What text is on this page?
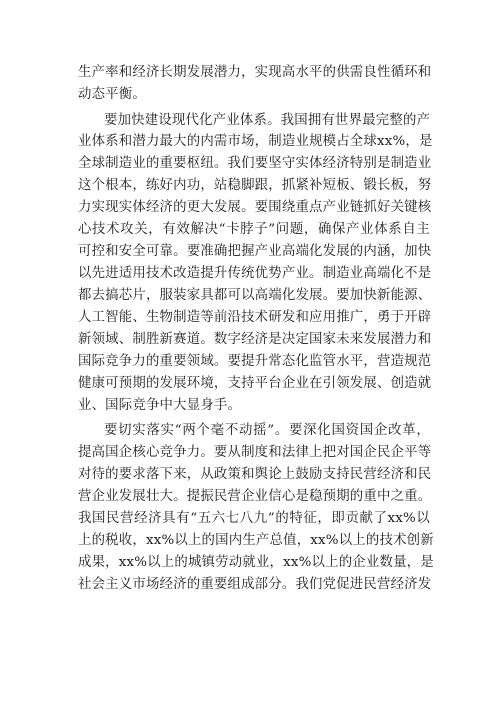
生产率和经济长期发展潜力，实现高水平的供需良性循环和
动态平衡。
要加快建设现代化产业体系。我国拥有世界最完整的产
业体系和潜力最大的内需市场，制造业规模占全球xx%，是
全球制造业的重要枢纽。我们要坚守实体经济特别是制造业
这个根本，练好内功，站稳脚跟，抓紧补短板、锻长板，努
力实现实体经济的更大发展。要围绕重点产业链抓好关键核
心技术攻关，有效解决“卡脖子”问题，确保产业体系自主
可控和安全可靠。要准确把握产业高端化发展的内涵，加快
以先进适用技术改造提升传统优势产业。制造业高端化不是
都去搞芯片，服装家具都可以高端化发展。要加快新能源、
人工智能、生物制造等前沿技术研发和应用推广，勇于开辟
新领域、制胜新赛道。数字经济是决定国家未来发展潜力和
国际竞争力的重要领域。要提升常态化监管水平，营造规范
健康可预期的发展环境，支持平台企业在引领发展、创造就
业、国际竞争中大显身手。
要切实落实“两个毫不动摇”。要深化国资国企改革，
提高国企核心竞争力。要从制度和法律上把对国企民企平等
对待的要求落下来，从政策和舆论上鼓励支持民营经济和民
营企业发展壮大。提振民营企业信心是稳预期的重中之重。
我国民营经济具有“五六七八九”的特征，即贡献了xx%以
上的税收，xx%以上的国内生产总值，xx%以上的技术创新
成果，xx%以上的城镇劳动就业，xx%以上的企业数量，是
社会主义市场经济的重要组成部分。我们党促进民营经济发
